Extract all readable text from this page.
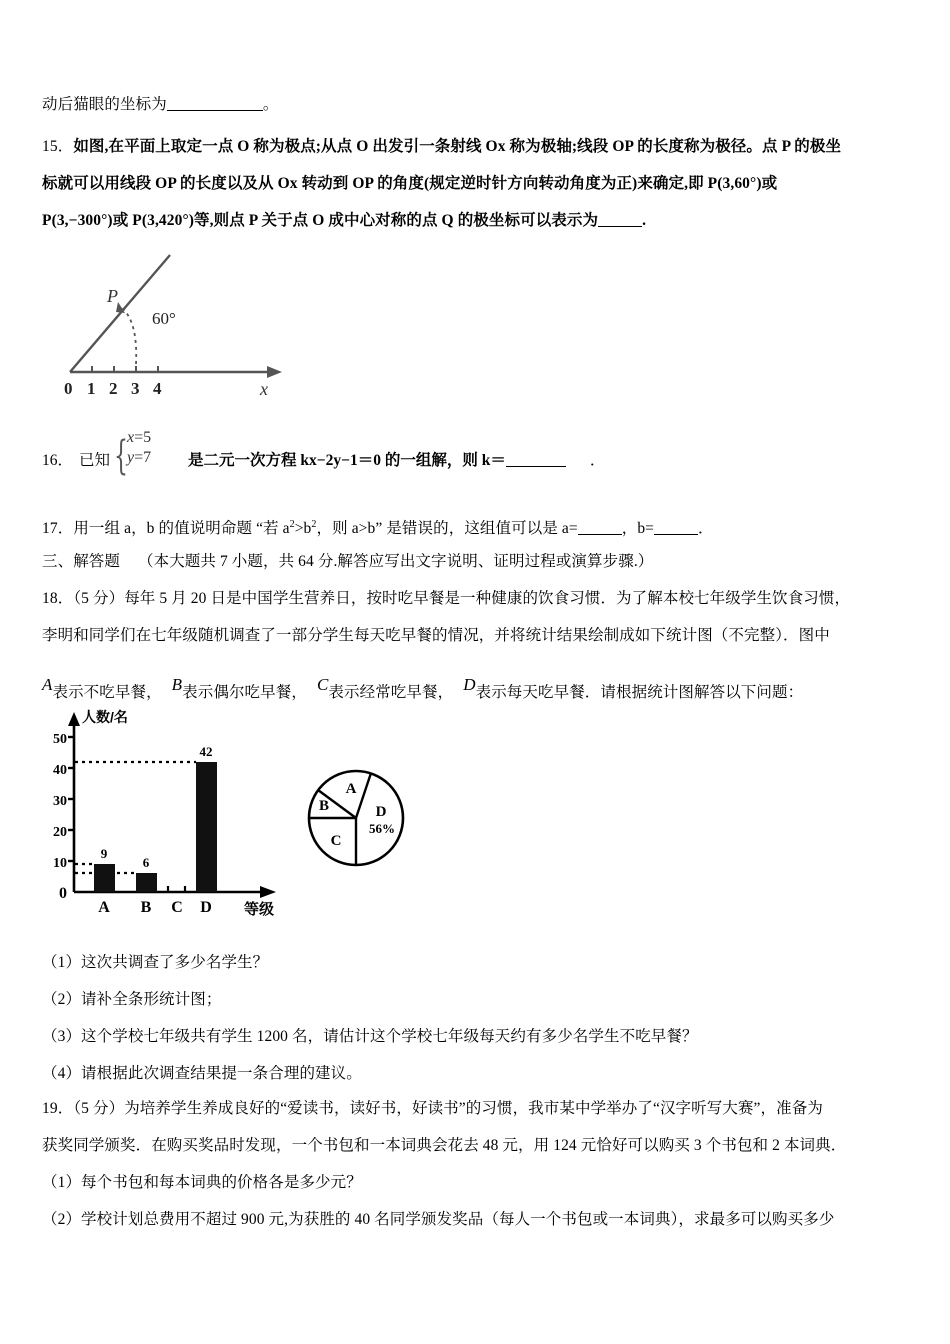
动后猫眼的坐标为	。
15．如图,在平面上取定一点 O 称为极点;从点 O 出发引一条射线 Ox 称为极轴;线段 OP 的长度称为极径。点 P 的极坐
标就可以用线段 OP 的长度以及从 Ox 转动到 OP 的角度(规定逆时针方向转动角度为正)来确定,即 P(3,60°)或
P(3,−300°)或 P(3,420°)等,则点 P 关于点 O 成中心对称的点 Q 的极坐标可以表示为	.
P
60°
0 1 2 3 4	x
16． 已知 { x=5
y=7 是二元一次方程 kx−2y−1＝0 的一组解，则 k＝	．
17．用一组 a，b 的值说明命题 “若 $a^2>b^2$，则 a>b” 是错误的，这组值可以是 a=	，b=	．
三、解答题 （本大题共 7 小题，共 64 分.解答应写出文字说明、证明过程或演算步骤.）
18．（5 分）每年 5 月 20 日是中国学生营养日，按时吃早餐是一种健康的饮食习惯．为了解本校七年级学生饮食习惯，
李明和同学们在七年级随机调查了一部分学生每天吃早餐的情况，并将统计结果绘制成如下统计图（不完整）．图中
A表示不吃早餐， B表示偶尔吃早餐， C表示经常吃早餐， D表示每天吃早餐．请根据统计图解答以下问题：
0
10
20
30
40
50
人数/名
9
6
42
A B C D 等级
A
B
C
D
56%
（1）这次共调查了多少名学生？
（2）请补全条形统计图；
（3）这个学校七年级共有学生 1200 名，请估计这个学校七年级每天约有多少名学生不吃早餐？
（4）请根据此次调查结果提一条合理的建议。
19．（5 分）为培养学生养成良好的“爱读书，读好书，好读书”的习惯，我市某中学举办了“汉字听写大赛”，准备为
获奖同学颁奖．在购买奖品时发现，一个书包和一本词典会花去 48 元，用 124 元恰好可以购买 3 个书包和 2 本词典．
（1）每个书包和每本词典的价格各是多少元？
（2）学校计划总费用不超过 900 元,为获胜的 40 名同学颁发奖品（每人一个书包或一本词典），求最多可以购买多少
